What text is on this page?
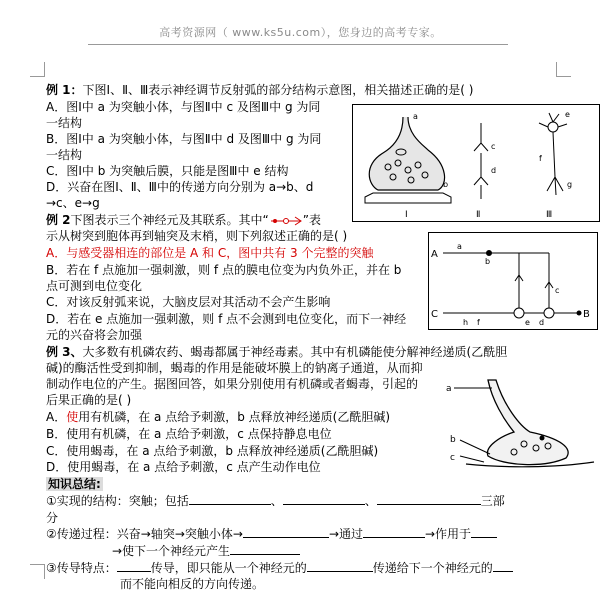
高考资源网（ www.ks5u.com），您身边的高考专家。
例 1：下图Ⅰ、Ⅱ、Ⅲ表示神经调节反射弧的部分结构示意图，相关描述正确的是( )
A．图Ⅰ中 a 为突触小体，与图Ⅱ中 c 及图Ⅲ中 g 为同
一结构
B．图Ⅰ中 a 为突触小体，与图Ⅱ中 d 及图Ⅲ中 g 为同
一结构
C．图Ⅰ中 b 为突触后膜，只能是图Ⅲ中 e 结构
D．兴奋在图Ⅰ、Ⅱ、Ⅲ中的传递方向分别为 a→b、d
→c、e→g
a
b
Ⅰ
c
d
Ⅱ
e
f
g
Ⅲ
例 2下图表示三个神经元及其联系。其中“	”表
示从树突到胞体再到轴突及末梢，则下列叙述正确的是( )
A．与感受器相连的部位是 A 和 C，图中共有 3 个完整的突触
B．若在 f 点施加一强刺激，则 f 点的膜电位变为内负外正，并在 b
点可测到电位变化
C．对该反射弧来说，大脑皮层对其活动不会产生影响
D．若在 e 点施加一强刺激，则 f 点不会测到电位变化，而下一神经
元的兴奋将会加强
A
C	B
a
b
c
d
e
f
h
例 3、大多数有机磷农药、蝎毒都属于神经毒素。其中有机磷能使分解神经递质(乙酰胆
碱)的酶活性受到抑制，蝎毒的作用是能破坏膜上的钠离子通道，从而抑
制动作电位的产生。据图回答，如果分别使用有机磷或者蝎毒，引起的
后果正确的是( )
A．使用有机磷，在 a 点给予刺激，b 点释放神经递质(乙酰胆碱)
B．使用有机磷，在 a 点给予刺激，c 点保持静息电位
C．使用蝎毒，在 a 点给予刺激，b 点释放神经递质(乙酰胆碱)
D．使用蝎毒，在 a 点给予刺激，c 点产生动作电位
a
b
c
知识总结:
①实现的结构：突触；包括	、	、	三部
分
②传递过程：兴奋→轴突→突触小体→	→通过	→作用于
→使下一个神经元产生
③传导特点：	传导，即只能从一个神经元的	传递给下一个神经元的
而不能向相反的方向传递。
